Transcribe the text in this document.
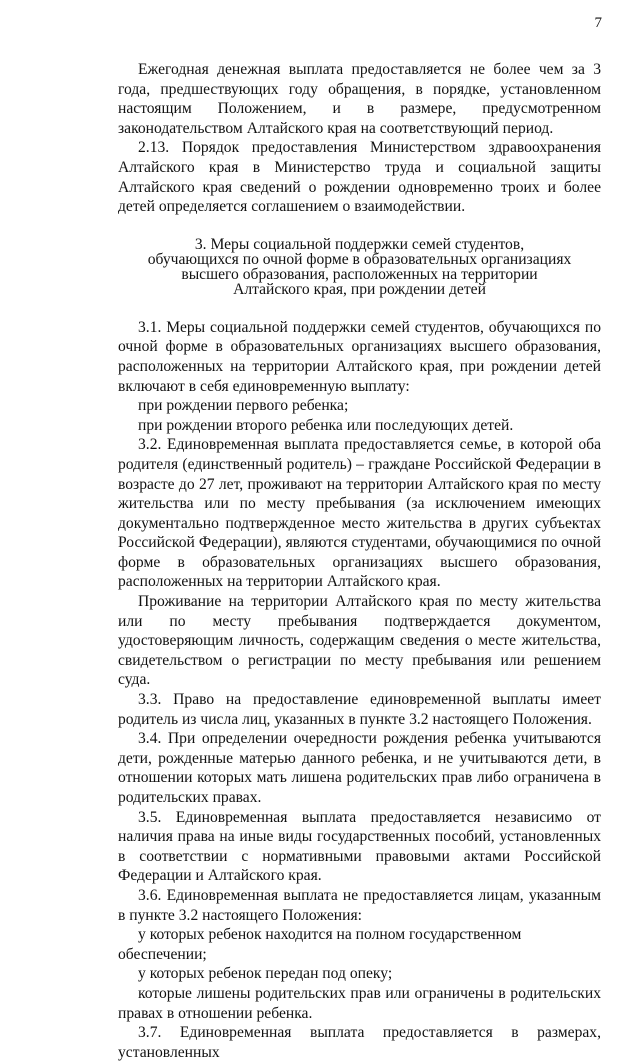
7

Ежегодная денежная выплата предоставляется не более чем за 3 года, предшествующих году обращения, в порядке, установленном настоящим Положением, и в размере, предусмотренном законодательством Алтайского края на соответствующий период.

2.13. Порядок предоставления Министерством здравоохранения Алтайского края в Министерство труда и социальной защиты Алтайского края сведений о рождении одновременно троих и более детей определяется соглашением о взаимодействии.

3. Меры социальной поддержки семей студентов,
обучающихся по очной форме в образовательных организациях
высшего образования, расположенных на территории
Алтайского края, при рождении детей

3.1. Меры социальной поддержки семей студентов, обучающихся по очной форме в образовательных организациях высшего образования, расположенных на территории Алтайского края, при рождении детей включают в себя единовременную выплату:

при рождении первого ребенка;

при рождении второго ребенка или последующих детей.

3.2. Единовременная выплата предоставляется семье, в которой оба родителя (единственный родитель) – граждане Российской Федерации в возрасте до 27 лет, проживают на территории Алтайского края по месту жительства или по месту пребывания (за исключением имеющих документально подтвержденное место жительства в других субъектах Российской Федерации), являются студентами, обучающимися по очной форме в образовательных организациях высшего образования, расположенных на территории Алтайского края.

Проживание на территории Алтайского края по месту жительства или по месту пребывания подтверждается документом, удостоверяющим личность, содержащим сведения о месте жительства, свидетельством о регистрации по месту пребывания или решением суда.

3.3. Право на предоставление единовременной выплаты имеет родитель из числа лиц, указанных в пункте 3.2 настоящего Положения.

3.4. При определении очередности рождения ребенка учитываются дети, рожденные матерью данного ребенка, и не учитываются дети, в отношении которых мать лишена родительских прав либо ограничена в родительских правах.

3.5. Единовременная выплата предоставляется независимо от наличия права на иные виды государственных пособий, установленных в соответствии с нормативными правовыми актами Российской Федерации и Алтайского края.

3.6. Единовременная выплата не предоставляется лицам, указанным в пункте 3.2 настоящего Положения:

у которых ребенок находится на полном государственном обеспечении;

у которых ребенок передан под опеку;

которые лишены родительских прав или ограничены в родительских правах в отношении ребенка.

3.7. Единовременная выплата предоставляется в размерах, установленных
